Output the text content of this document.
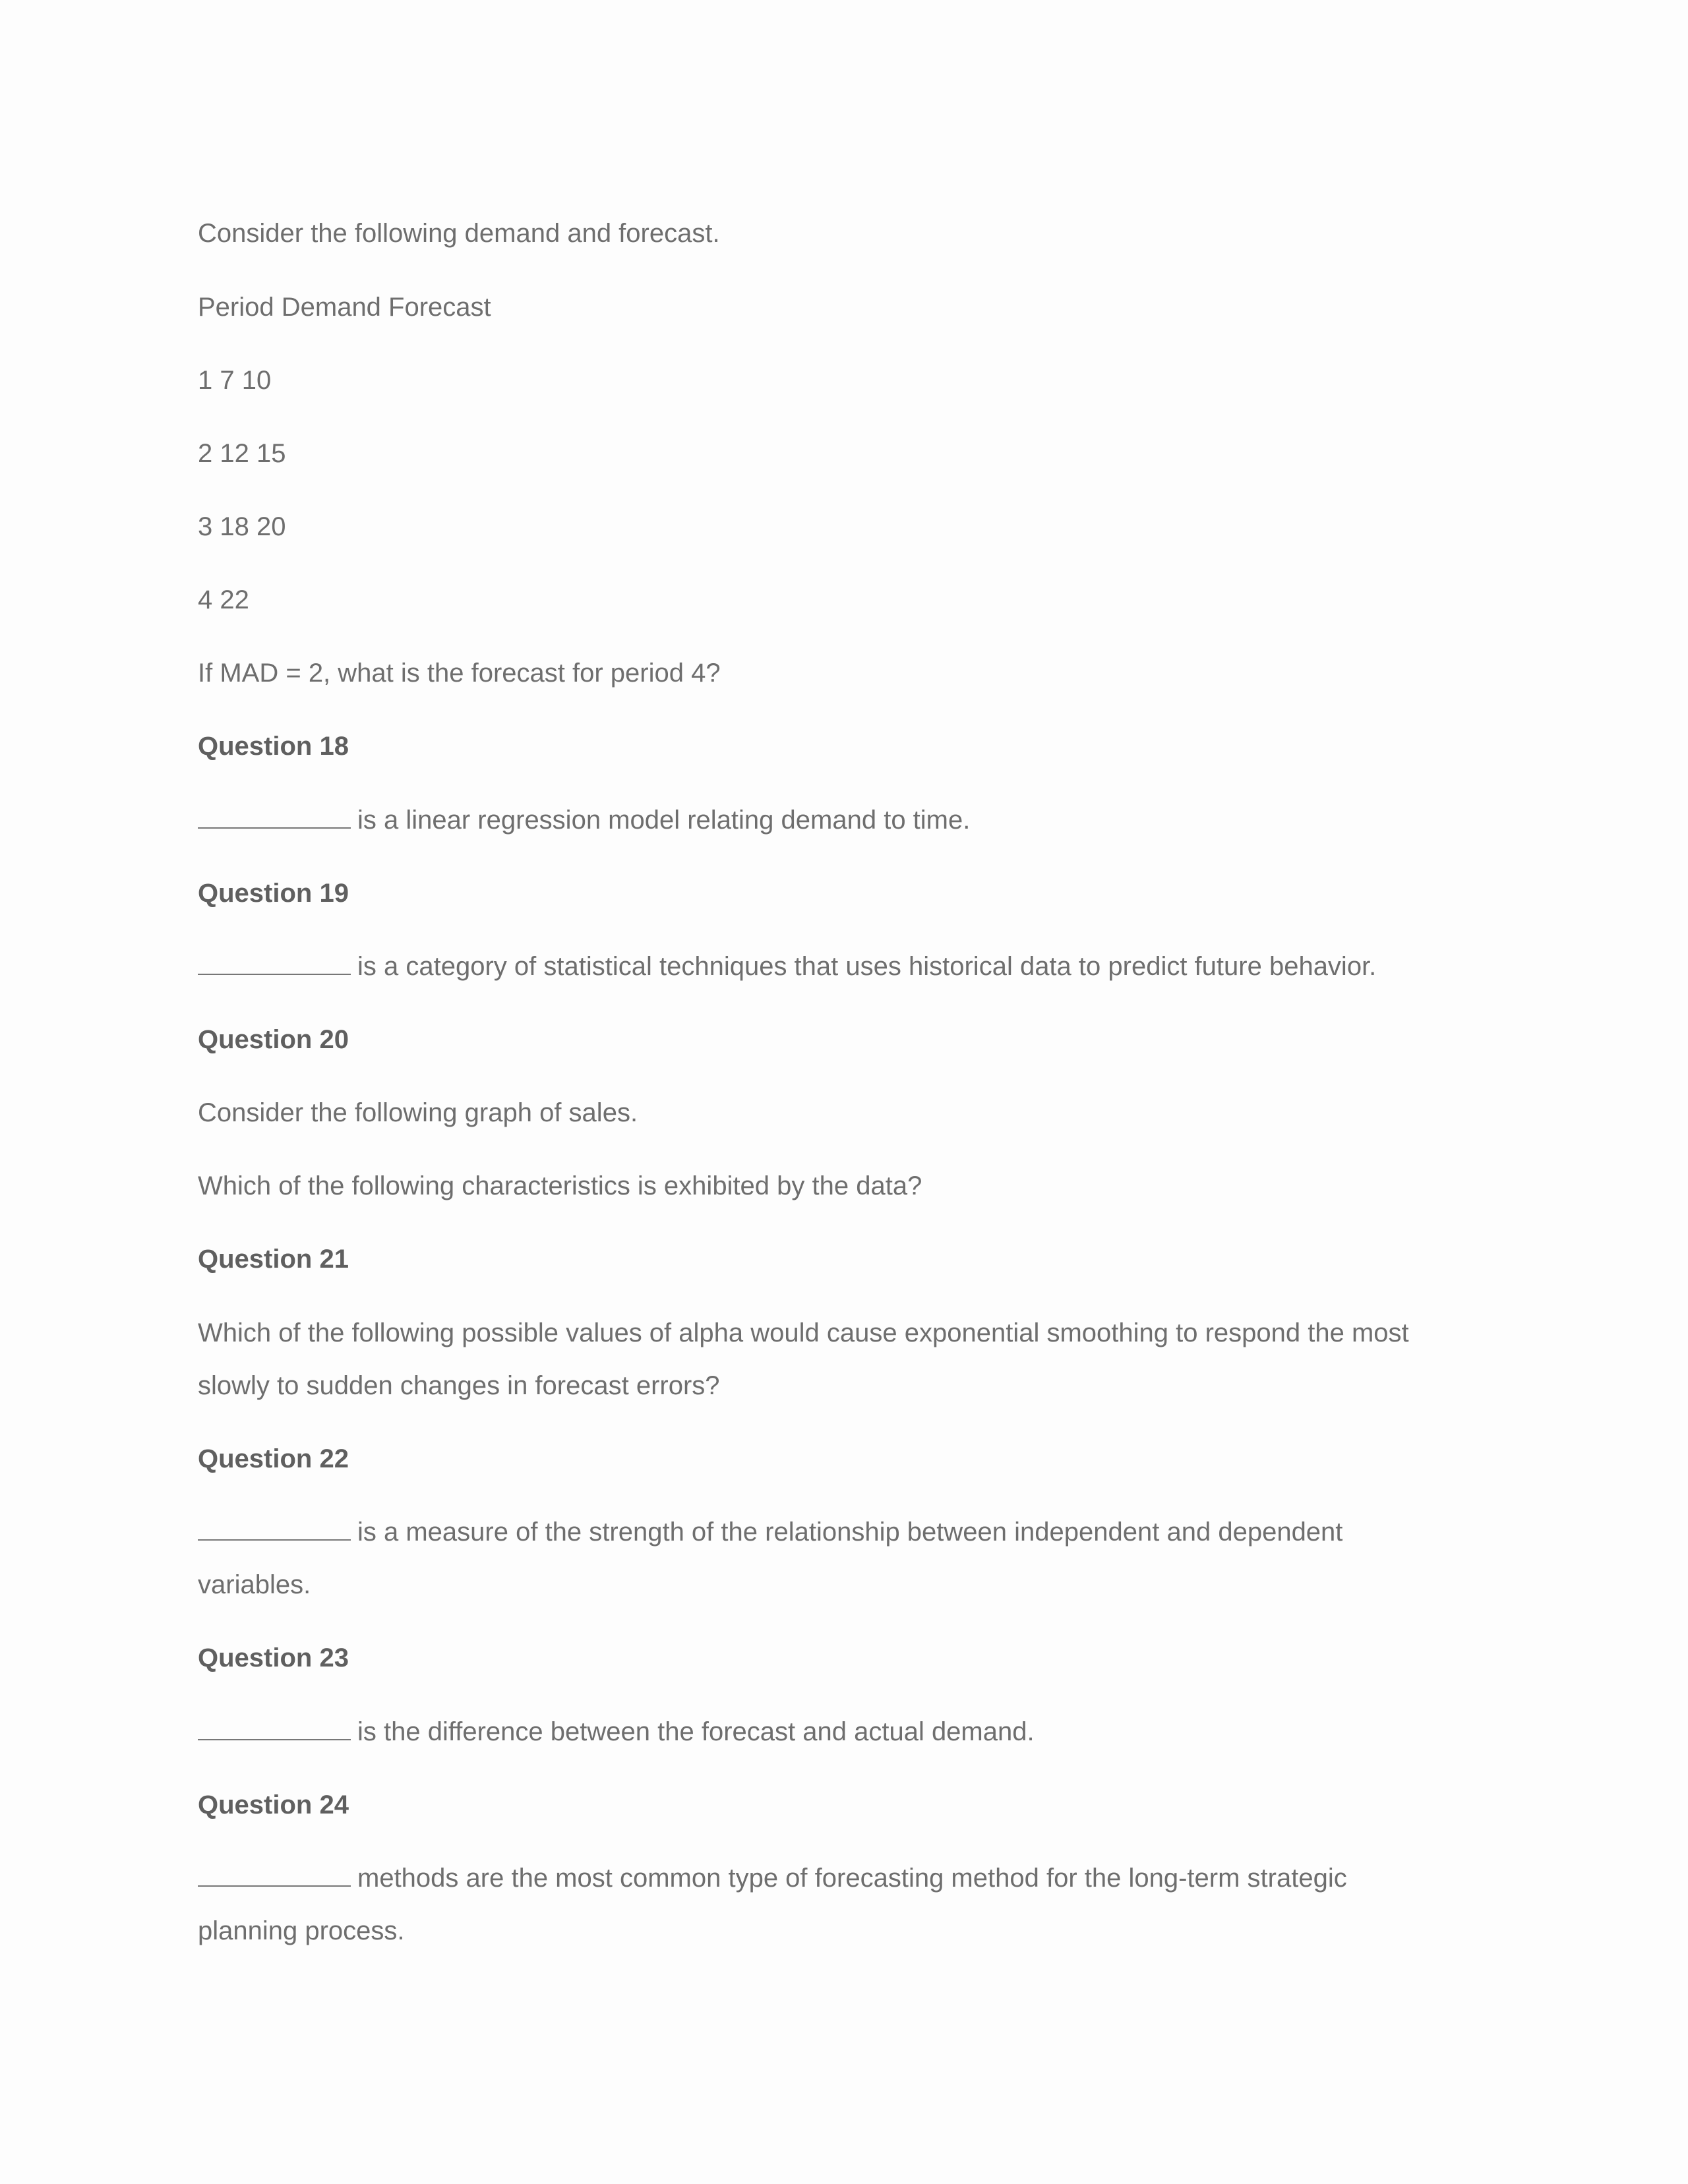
Consider the following demand and forecast.

Period Demand Forecast

1 7 10

2 12 15

3 18 20

4 22

If MAD = 2, what is the forecast for period 4?

Question 18

is a linear regression model relating demand to time.

Question 19

is a category of statistical techniques that uses historical data to predict future behavior.

Question 20

Consider the following graph of sales.

Which of the following characteristics is exhibited by the data?

Question 21

Which of the following possible values of alpha would cause exponential smoothing to respond the most

slowly to sudden changes in forecast errors?

Question 22

is a measure of the strength of the relationship between independent and dependent

variables.

Question 23

is the difference between the forecast and actual demand.

Question 24

methods are the most common type of forecasting method for the long-term strategic

planning process.
